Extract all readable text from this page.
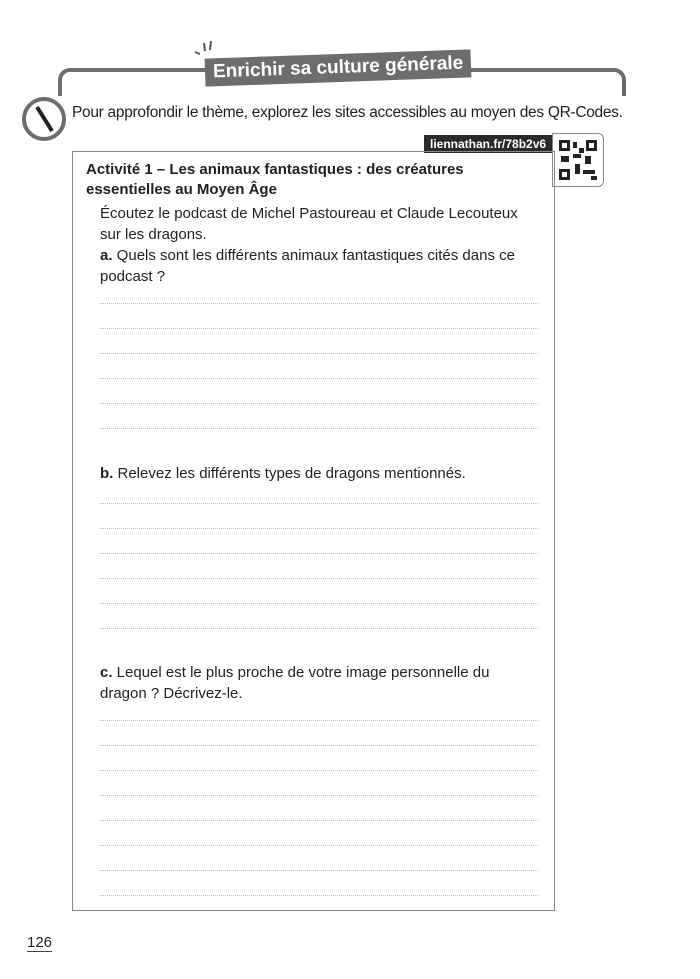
Enrichir sa culture générale
Pour approfondir le thème, explorez les sites accessibles au moyen des QR-Codes.
liennathan.fr/78b2v6
Activité 1 – Les animaux fantastiques : des créatures essentielles au Moyen Âge
Écoutez le podcast de Michel Pastoureau et Claude Lecouteux sur les dragons.
a. Quels sont les différents animaux fantastiques cités dans ce podcast ?
b. Relevez les différents types de dragons mentionnés.
c. Lequel est le plus proche de votre image personnelle du dragon ? Décrivez-le.
126
